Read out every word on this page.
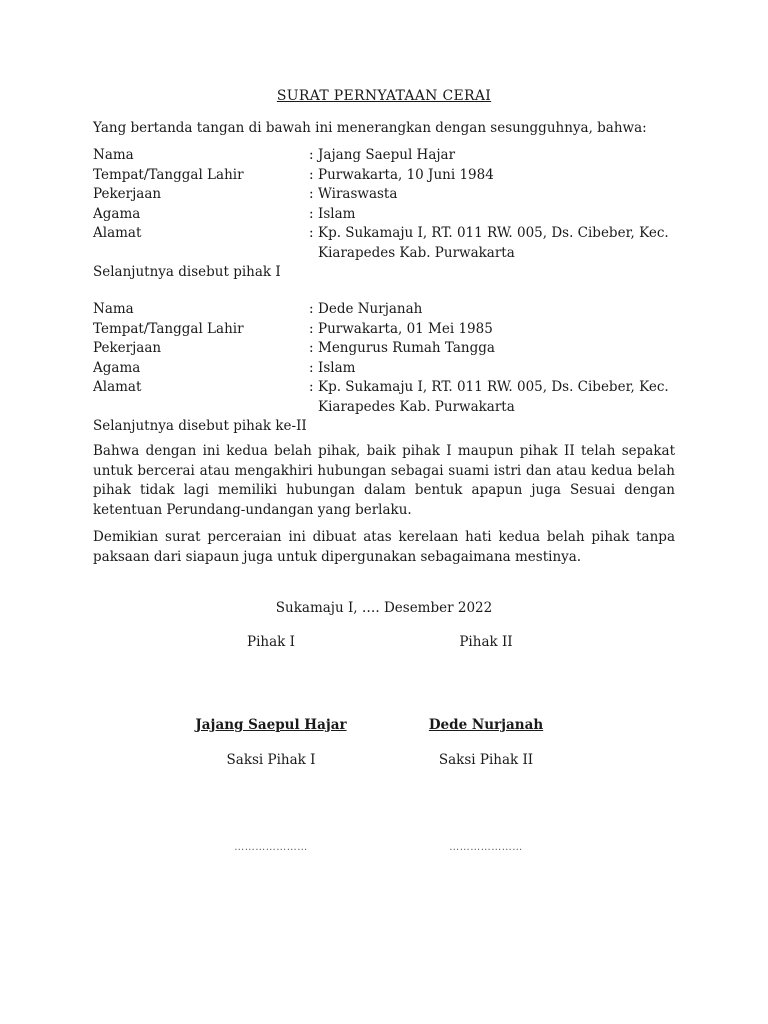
SURAT PERNYATAAN CERAI
Yang bertanda tangan di bawah ini menerangkan dengan sesungguhnya, bahwa:
Nama	: Jajang Saepul Hajar
Tempat/Tanggal Lahir	: Purwakarta, 10 Juni 1984
Pekerjaan	: Wiraswasta
Agama	: Islam
Alamat	: Kp. Sukamaju I, RT. 011 RW. 005, Ds. Cibeber, Kec.
Kiarapedes Kab. Purwakarta
Selanjutnya disebut pihak I
Nama	: Dede Nurjanah
Tempat/Tanggal Lahir	: Purwakarta, 01 Mei 1985
Pekerjaan	: Mengurus Rumah Tangga
Agama	: Islam
Alamat	: Kp. Sukamaju I, RT. 011 RW. 005, Ds. Cibeber, Kec.
Kiarapedes Kab. Purwakarta
Selanjutnya disebut pihak ke-II
Bahwa dengan ini kedua belah pihak, baik pihak I maupun pihak II telah sepakat untuk bercerai atau mengakhiri hubungan sebagai suami istri dan atau kedua belah pihak tidak lagi memiliki hubungan dalam bentuk apapun juga Sesuai dengan ketentuan Perundang-undangan yang berlaku.
Demikian surat perceraian ini dibuat atas kerelaan hati kedua belah pihak tanpa paksaan dari siapaun juga untuk dipergunakan sebagaimana mestinya.
Sukamaju I, …. Desember 2022
Pihak I	Pihak II
Jajang Saepul Hajar	Dede Nurjanah
Saksi Pihak I	Saksi Pihak II
…………………	…………………
